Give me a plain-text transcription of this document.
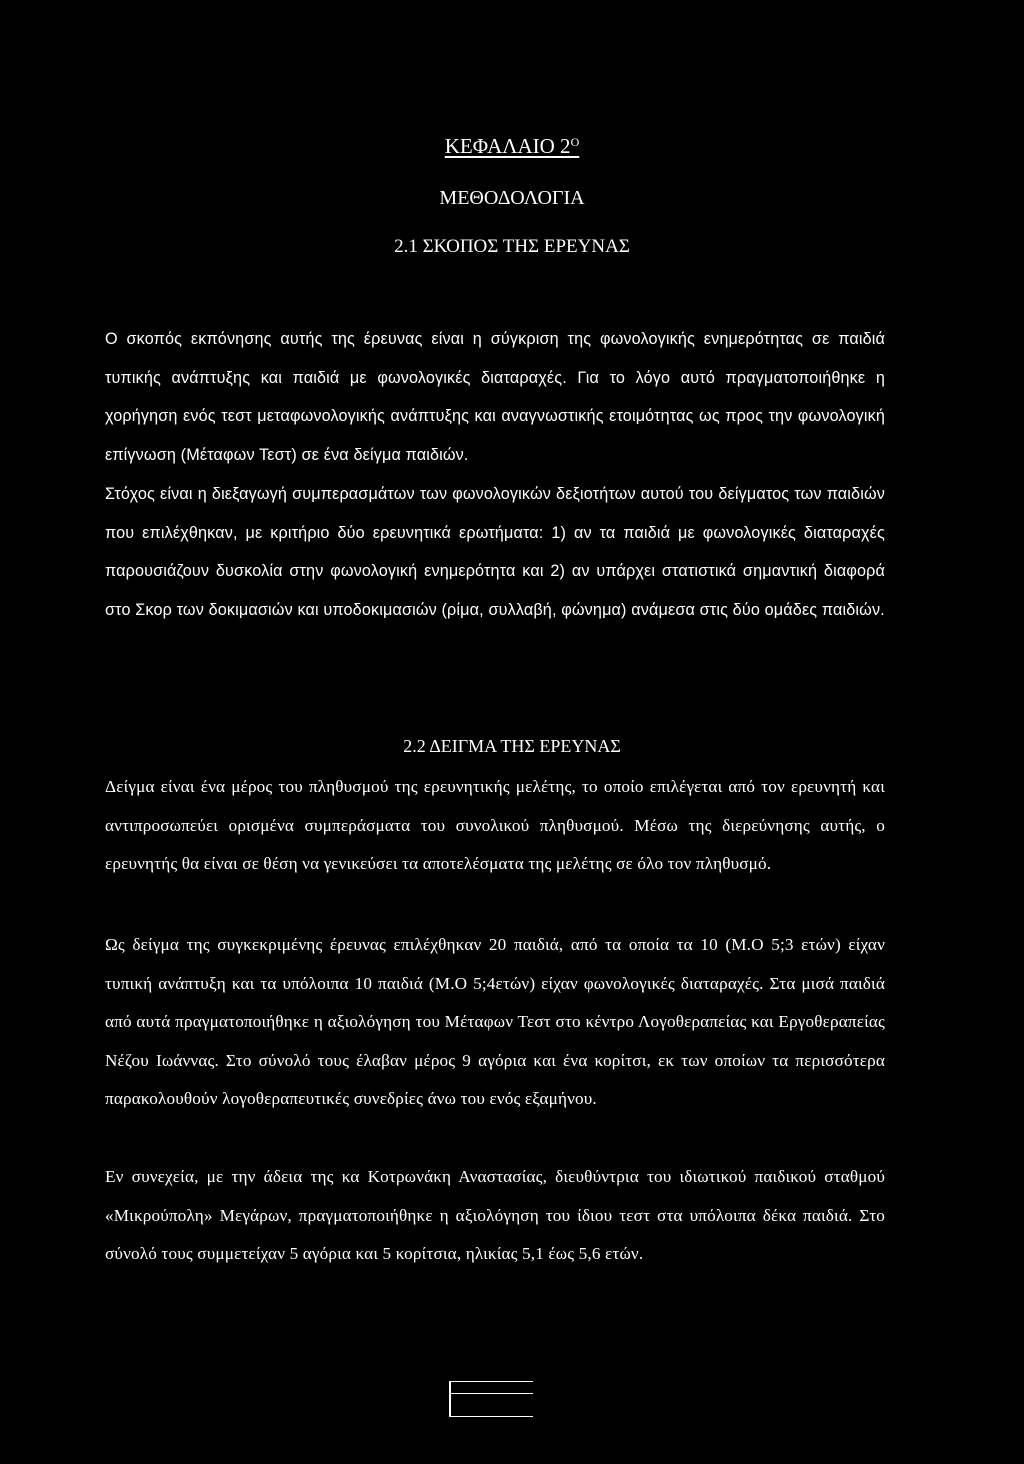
ΚΕΦΑΛΑΙΟ $2^O$
ΜΕΘΟΔΟΛΟΓΙΑ
2.1 ΣΚΟΠΟΣ ΤΗΣ ΕΡΕΥΝΑΣ
Ο σκοπός εκπόνησης αυτής της έρευνας είναι η σύγκριση της φωνολογικής ενημερότητας σε παιδιά τυπικής ανάπτυξης και παιδιά με φωνολογικές διαταραχές. Για το λόγο αυτό πραγματοποιήθηκε η χορήγηση ενός τεστ μεταφωνολογικής ανάπτυξης και αναγνωστικής ετοιμότητας ως προς την φωνολογική επίγνωση (Μέταφων Τεστ) σε ένα δείγμα παιδιών.
Στόχος είναι η διεξαγωγή συμπερασμάτων των φωνολογικών δεξιοτήτων αυτού του δείγματος των παιδιών που επιλέχθηκαν, με κριτήριο δύο ερευνητικά ερωτήματα: 1) αν τα παιδιά με φωνολογικές διαταραχές παρουσιάζουν δυσκολία στην φωνολογική ενημερότητα και 2) αν υπάρχει στατιστικά σημαντική διαφορά στο Σκορ των δοκιμασιών και υποδοκιμασιών (ρίμα, συλλαβή, φώνημα) ανάμεσα στις δύο ομάδες παιδιών.
2.2 ΔΕΙΓΜΑ ΤΗΣ ΕΡΕΥΝΑΣ
Δείγμα είναι ένα μέρος του πληθυσμού της ερευνητικής μελέτης, το οποίο επιλέγεται από τον ερευνητή και αντιπροσωπεύει ορισμένα συμπεράσματα του συνολικού πληθυσμού. Μέσω της διερεύνησης αυτής, ο ερευνητής θα είναι σε θέση να γενικεύσει τα αποτελέσματα της μελέτης σε όλο τον πληθυσμό.
Ως δείγμα της συγκεκριμένης έρευνας επιλέχθηκαν 20 παιδιά, από τα οποία τα 10 (Μ.Ο 5;3 ετών) είχαν τυπική ανάπτυξη και τα υπόλοιπα 10 παιδιά (Μ.Ο 5;4ετών) είχαν φωνολογικές διαταραχές. Στα μισά παιδιά από αυτά πραγματοποιήθηκε η αξιολόγηση του Μέταφων Τεστ στο κέντρο Λογοθεραπείας και Εργοθεραπείας Νέζου Ιωάννας. Στο σύνολό τους έλαβαν μέρος 9 αγόρια και ένα κορίτσι, εκ των οποίων τα περισσότερα παρακολουθούν λογοθεραπευτικές συνεδρίες άνω του ενός εξαμήνου.
Εν συνεχεία, με την άδεια της κα Κοτρωνάκη Αναστασίας, διευθύντρια του ιδιωτικού παιδικού σταθμού «Μικρούπολη» Μεγάρων, πραγματοποιήθηκε η αξιολόγηση του ίδιου τεστ στα υπόλοιπα δέκα παιδιά. Στο σύνολό τους συμμετείχαν 5 αγόρια και 5 κορίτσια, ηλικίας 5,1 έως 5,6 ετών.
